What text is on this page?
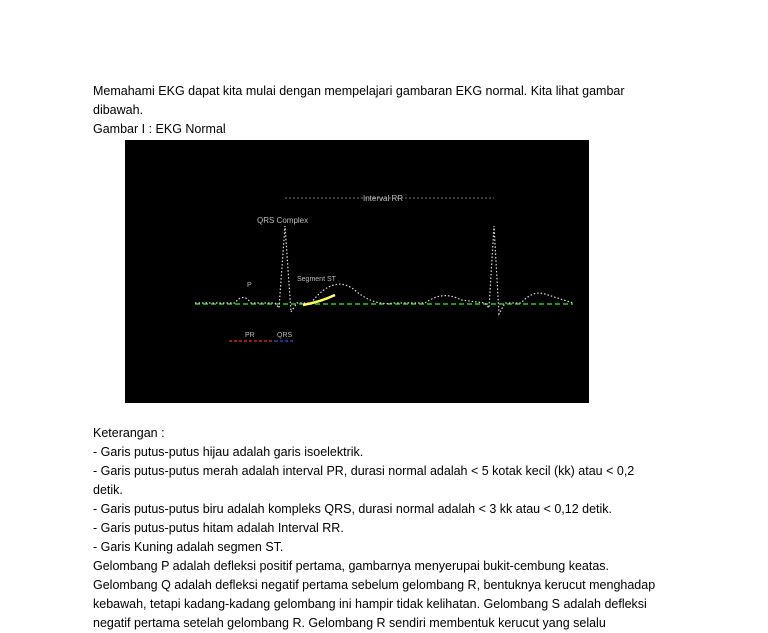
Memahami EKG dapat kita mulai dengan mempelajari gambaran EKG normal. Kita lihat gambar

dibawah.

Gambar I : EKG Normal

Interval RR
QRS Complex
Segment ST
P
PR	QRS

Keterangan :

- Garis putus-putus hijau adalah garis isoelektrik.

- Garis putus-putus merah adalah interval PR, durasi normal adalah < 5 kotak kecil (kk) atau < 0,2

detik.

- Garis putus-putus biru adalah kompleks QRS, durasi normal adalah < 3 kk atau < 0,12 detik.

- Garis putus-putus hitam adalah Interval RR.

- Garis Kuning adalah segmen ST.

Gelombang P adalah defleksi positif pertama, gambarnya menyerupai bukit-cembung keatas.

Gelombang Q adalah defleksi negatif pertama sebelum gelombang R, bentuknya kerucut menghadap

kebawah, tetapi kadang-kadang gelombang ini hampir tidak kelihatan. Gelombang S adalah defleksi

negatif pertama setelah gelombang R. Gelombang R sendiri membentuk kerucut yang selalu
